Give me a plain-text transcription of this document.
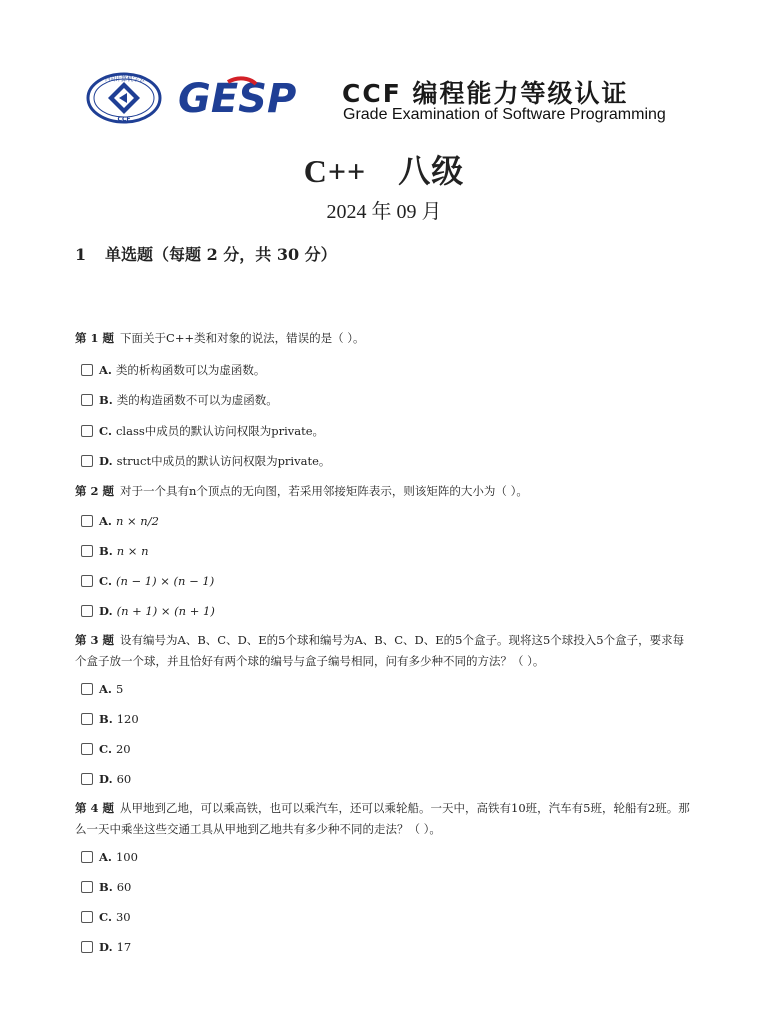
中国计算机学会
CCF GESP CCF 编程能力等级认证
Grade Examination of Software Programming
C++ 八级
2024 年 09 月
1 单选题（每题 2 分，共 30 分）
第 1 题 下面关于C++类和对象的说法，错误的是（ ）。
A. 类的析构函数可以为虚函数。
B. 类的构造函数不可以为虚函数。
C. class中成员的默认访问权限为private。
D. struct中成员的默认访问权限为private。
第 2 题 对于一个具有n个顶点的无向图，若采用邻接矩阵表示，则该矩阵的大小为（ ）。
A. n × n/2
B. n × n
C. (n − 1) × (n − 1)
D. (n + 1) × (n + 1)
第 3 题 设有编号为A、B、C、D、E的5个球和编号为A、B、C、D、E的5个盒子。现将这5个球投入5个盒子，要求每个盒子放一个球，并且恰好有两个球的编号与盒子编号相同，问有多少种不同的方法？（ ）。
A. 5
B. 120
C. 20
D. 60
第 4 题 从甲地到乙地，可以乘高铁，也可以乘汽车，还可以乘轮船。一天中，高铁有10班，汽车有5班，轮船有2班。那么一天中乘坐这些交通工具从甲地到乙地共有多少种不同的走法？（ ）。
A. 100
B. 60
C. 30
D. 17
